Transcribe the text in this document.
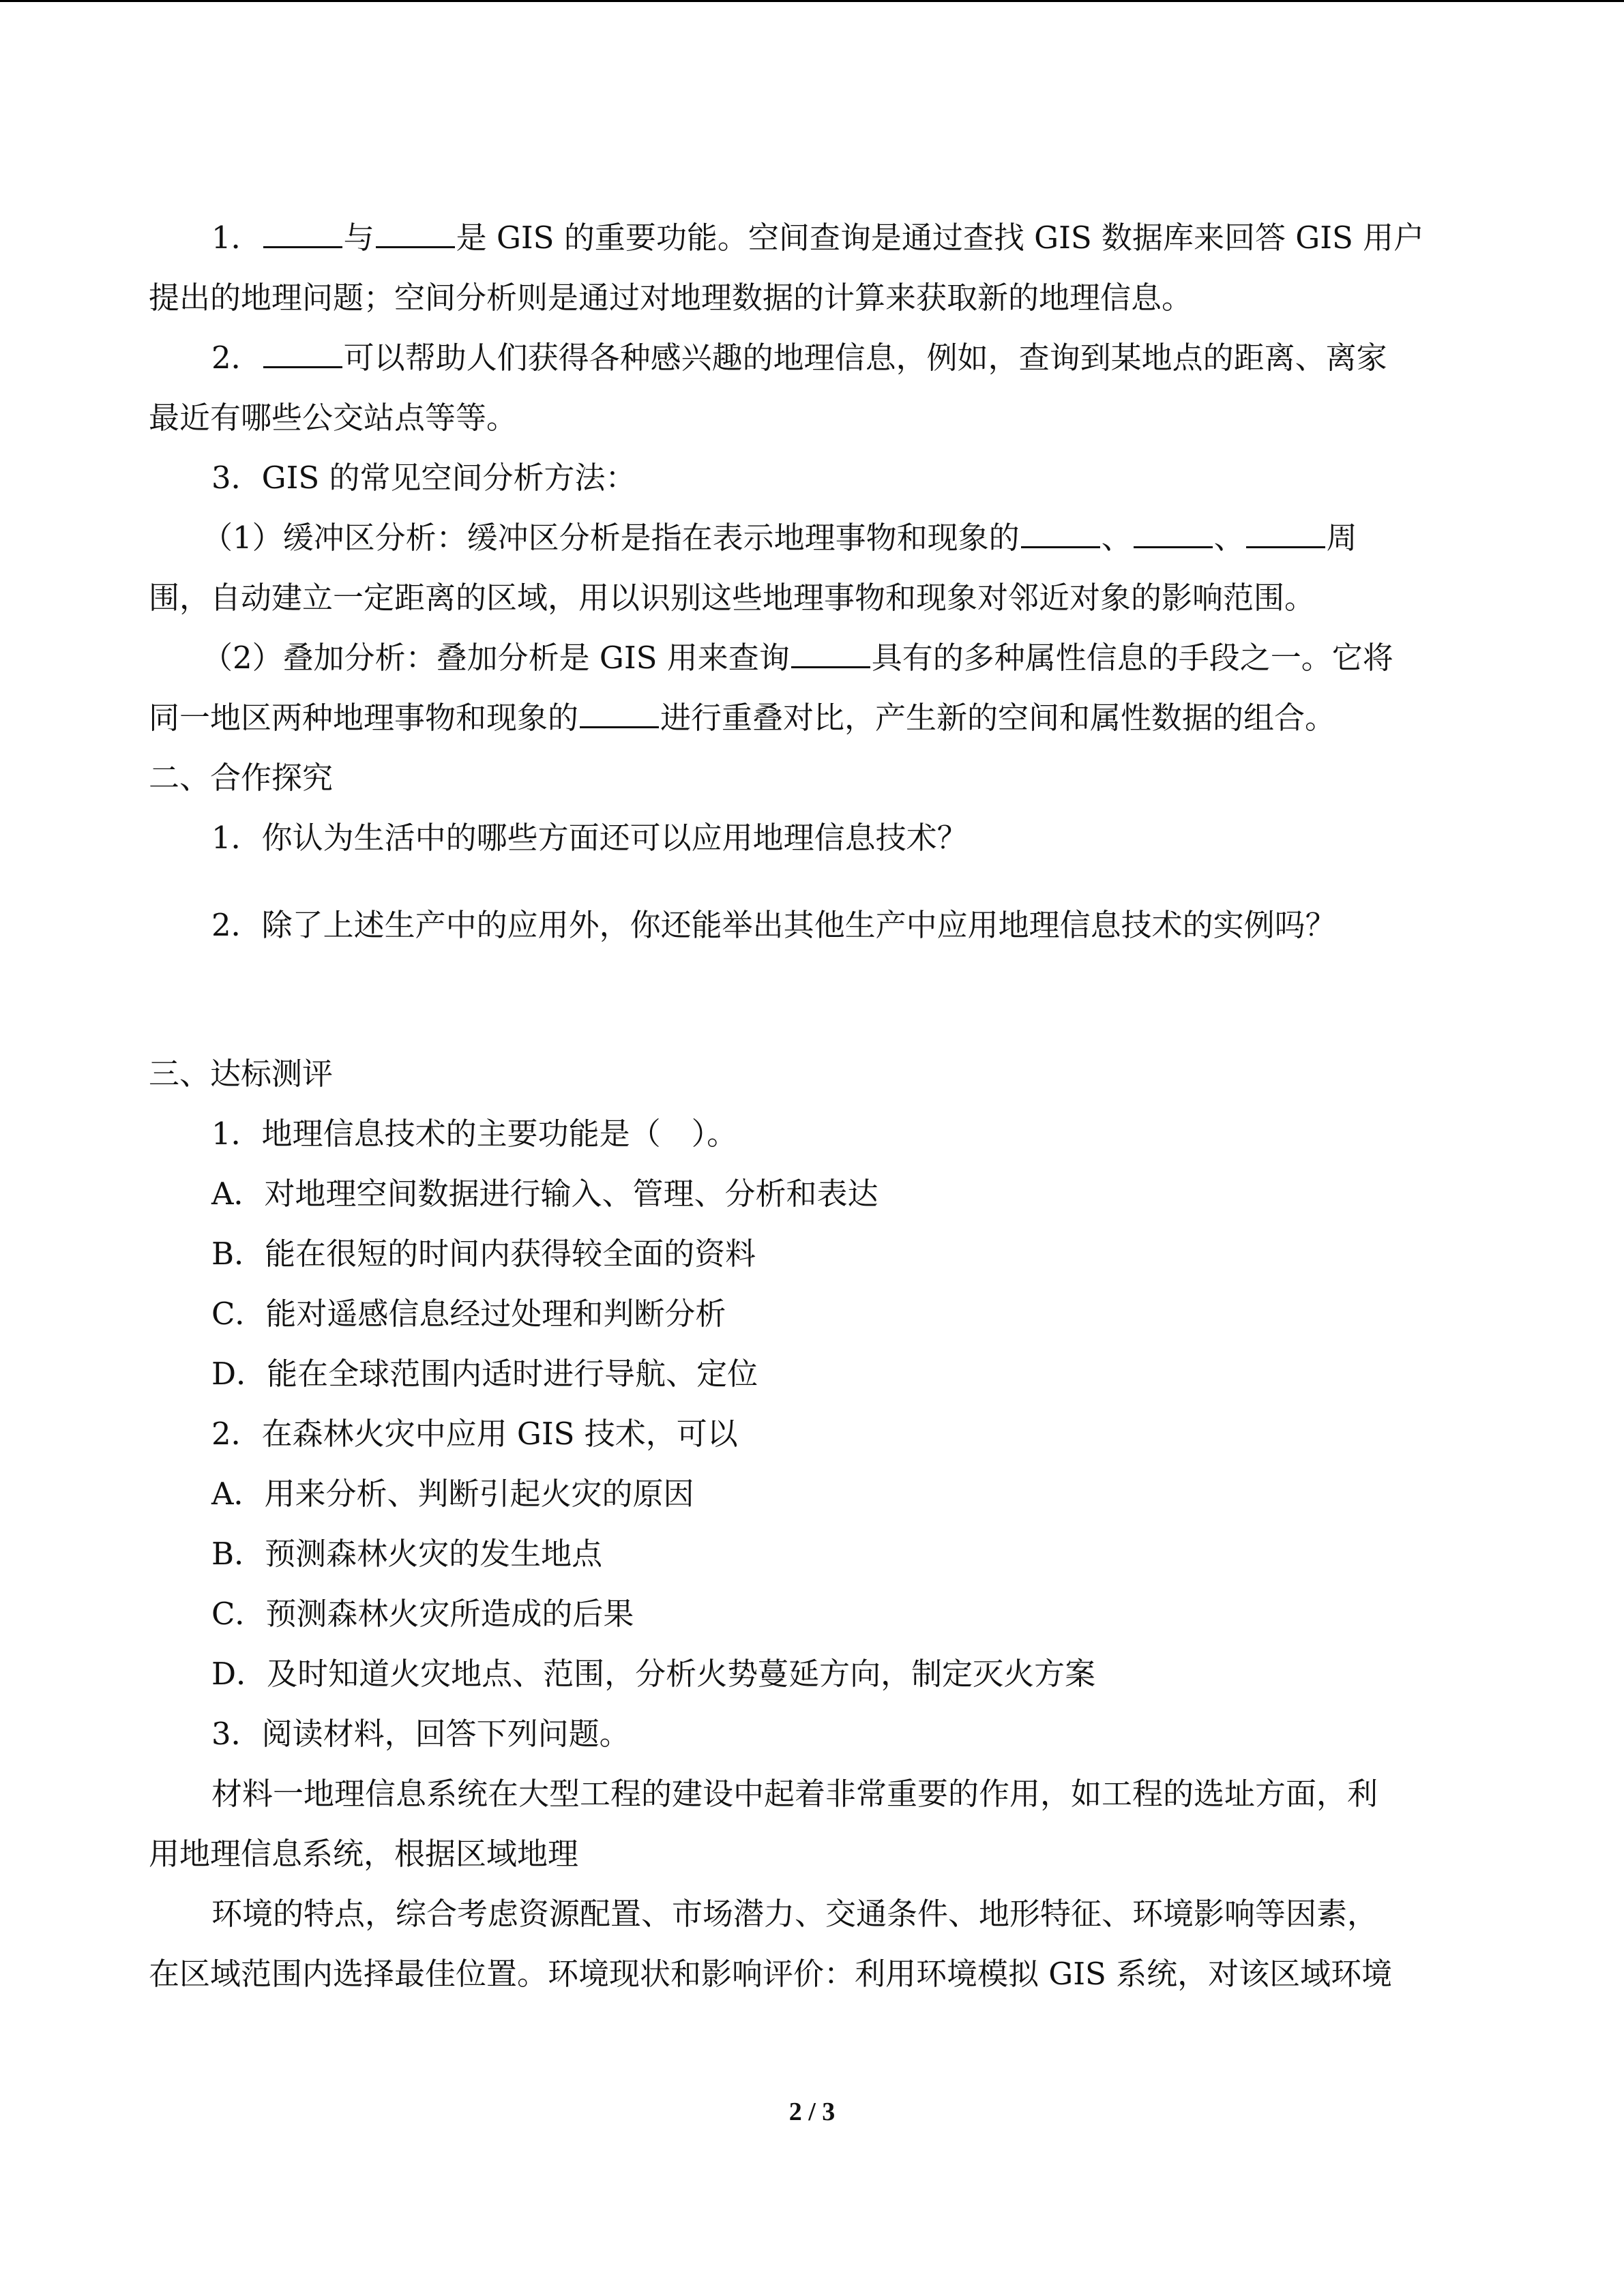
1．	与	是 GIS 的重要功能。空间查询是通过查找 GIS 数据库来回答 GIS 用户
提出的地理问题；空间分析则是通过对地理数据的计算来获取新的地理信息。
2．	可以帮助人们获得各种感兴趣的地理信息，例如，查询到某地点的距离、离家
最近有哪些公交站点等等。
3．GIS 的常见空间分析方法：
（1）缓冲区分析：缓冲区分析是指在表示地理事物和现象的	、	、	周
围，自动建立一定距离的区域，用以识别这些地理事物和现象对邻近对象的影响范围。
（2）叠加分析：叠加分析是 GIS 用来查询	具有的多种属性信息的手段之一。它将
同一地区两种地理事物和现象的	进行重叠对比，产生新的空间和属性数据的组合。
二、合作探究
1．你认为生活中的哪些方面还可以应用地理信息技术？
2．除了上述生产中的应用外，你还能举出其他生产中应用地理信息技术的实例吗？
三、达标测评
1．地理信息技术的主要功能是（　）。
A．对地理空间数据进行输入、管理、分析和表达
B．能在很短的时间内获得较全面的资料
C．能对遥感信息经过处理和判断分析
D．能在全球范围内适时进行导航、定位
2．在森林火灾中应用 GIS 技术，可以
A．用来分析、判断引起火灾的原因
B．预测森林火灾的发生地点
C．预测森林火灾所造成的后果
D．及时知道火灾地点、范围，分析火势蔓延方向，制定灭火方案
3．阅读材料，回答下列问题。
材料一地理信息系统在大型工程的建设中起着非常重要的作用，如工程的选址方面，利
用地理信息系统，根据区域地理
环境的特点，综合考虑资源配置、市场潜力、交通条件、地形特征、环境影响等因素，
在区域范围内选择最佳位置。环境现状和影响评价：利用环境模拟 GIS 系统，对该区域环境
2 / 3
